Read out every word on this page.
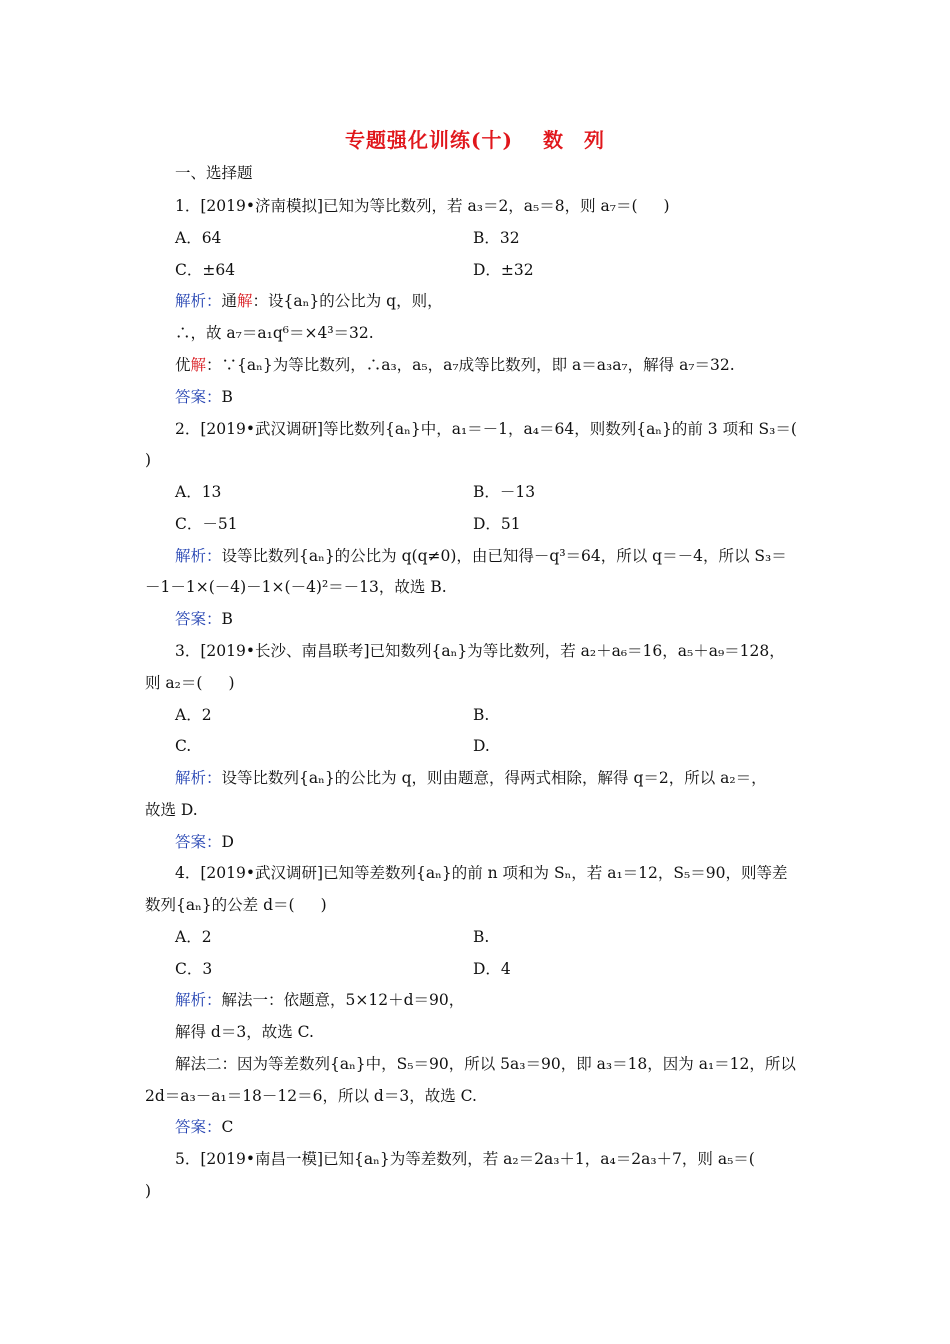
专题强化训练(十) 数 列
一、选择题
1．[2019•济南模拟]已知为等比数列，若 a₃＝2，a₅＝8，则 a₇＝( )
A．64	B．32
C．±64	D．±32
解析：通解：设{aₙ}的公比为 q，则，
∴，故 a₇＝a₁q⁶＝×4³＝32.
优解：∵{aₙ}为等比数列，∴a₃，a₅，a₇成等比数列，即 a＝a₃a₇，解得 a₇＝32.
答案：B
2．[2019•武汉调研]等比数列{aₙ}中，a₁＝－1，a₄＝64，则数列{aₙ}的前 3 项和 S₃＝(
)
A．13	B．－13
C．－51	D．51
解析：设等比数列{aₙ}的公比为 q(q≠0)，由已知得－q³＝64，所以 q＝－4，所以 S₃＝
－1－1×(－4)－1×(－4)²＝－13，故选 B.
答案：B
3．[2019•长沙、南昌联考]已知数列{aₙ}为等比数列，若 a₂＋a₆＝16，a₅＋a₉＝128，
则 a₂＝( )
A．2	B.
C.	D.
解析：设等比数列{aₙ}的公比为 q，则由题意，得两式相除，解得 q＝2，所以 a₂＝，
故选 D.
答案：D
4．[2019•武汉调研]已知等差数列{aₙ}的前 n 项和为 Sₙ，若 a₁＝12，S₅＝90，则等差
数列{aₙ}的公差 d＝( )
A．2	B.
C．3	D．4
解析：解法一：依题意，5×12＋d＝90，
解得 d＝3，故选 C.
解法二：因为等差数列{aₙ}中，S₅＝90，所以 5a₃＝90，即 a₃＝18，因为 a₁＝12，所以
2d＝a₃－a₁＝18－12＝6，所以 d＝3，故选 C.
答案：C
5．[2019•南昌一模]已知{aₙ}为等差数列，若 a₂＝2a₃＋1，a₄＝2a₃＋7，则 a₅＝(
)
